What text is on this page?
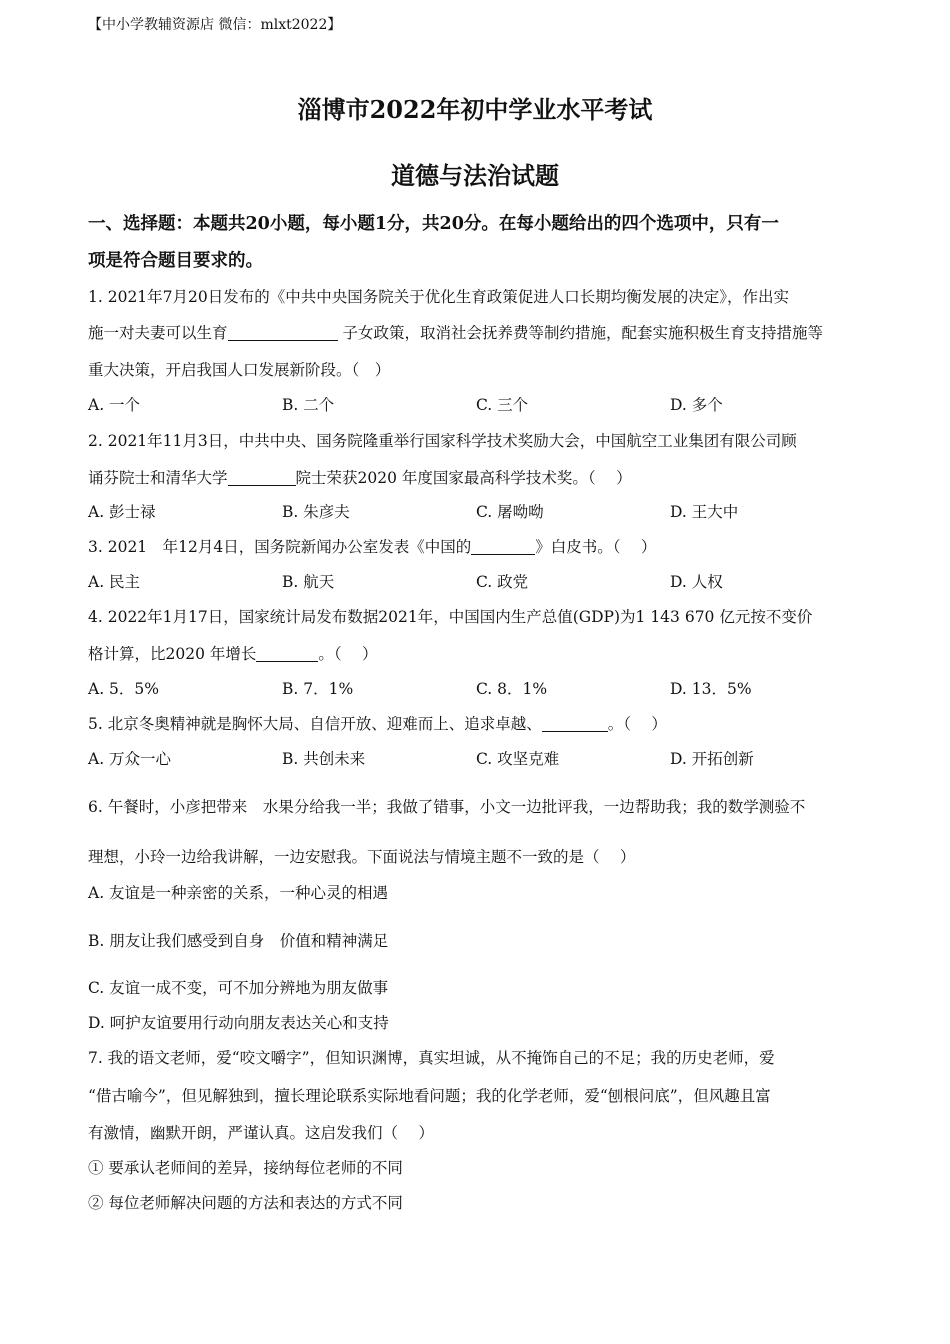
【中小学教辅资源店 微信：mlxt2022】
淄博市2022年初中学业水平考试
道德与法治试题
一、选择题：本题共20小题，每小题1分，共20分。在每小题给出的四个选项中，只有一
项是符合题目要求的。
1. 2021年7月20日发布的《中共中央国务院关于优化生育政策促进人口长期均衡发展的决定》，作出实
施一对夫妻可以生育	子女政策，取消社会抚养费等制约措施，配套实施积极生育支持措施等
重大决策，开启我国人口发展新阶段。（　）
A. 一个	B. 二个	C. 三个	D. 多个
2. 2021年11月3日，中共中央、国务院隆重举行国家科学技术奖励大会，中国航空工业集团有限公司顾
诵芬院士和清华大学	院士荣获2020 年度国家最高科学技术奖。（　 ）
A. 彭士禄	B. 朱彦夫	C. 屠呦呦	D. 王大中
3. 2021　年12月4日，国务院新闻办公室发表《中国的	》白皮书。（　 ）
A. 民主	B. 航天	C. 政党	D. 人权
4. 2022年1月17日，国家统计局发布数据2021年，中国国内生产总值(GDP)为1 143 670 亿元按不变价
格计算，比2020 年增长	。（　 ）
A. 5．5%	B. 7．1%	C. 8．1%	D. 13．5%
5. 北京冬奥精神就是胸怀大局、自信开放、迎难而上、追求卓越、	。（　 ）
A. 万众一心	B. 共创未来	C. 攻坚克难	D. 开拓创新
6. 午餐时，小彦把带来　水果分给我一半；我做了错事，小文一边批评我，一边帮助我；我的数学测验不
理想，小玲一边给我讲解，一边安慰我。下面说法与情境主题不一致的是（　 ）
A. 友谊是一种亲密的关系，一种心灵的相遇
B. 朋友让我们感受到自身　价值和精神满足
C. 友谊一成不变，可不加分辨地为朋友做事
D. 呵护友谊要用行动向朋友表达关心和支持
7. 我的语文老师，爱“咬文嚼字”，但知识渊博，真实坦诚，从不掩饰自己的不足；我的历史老师，爱
“借古喻今”，但见解独到，擅长理论联系实际地看问题；我的化学老师，爱“刨根问底”，但风趣且富
有激情，幽默开朗，严谨认真。这启发我们（　 ）
① 要承认老师间的差异，接纳每位老师的不同
② 每位老师解决问题的方法和表达的方式不同
